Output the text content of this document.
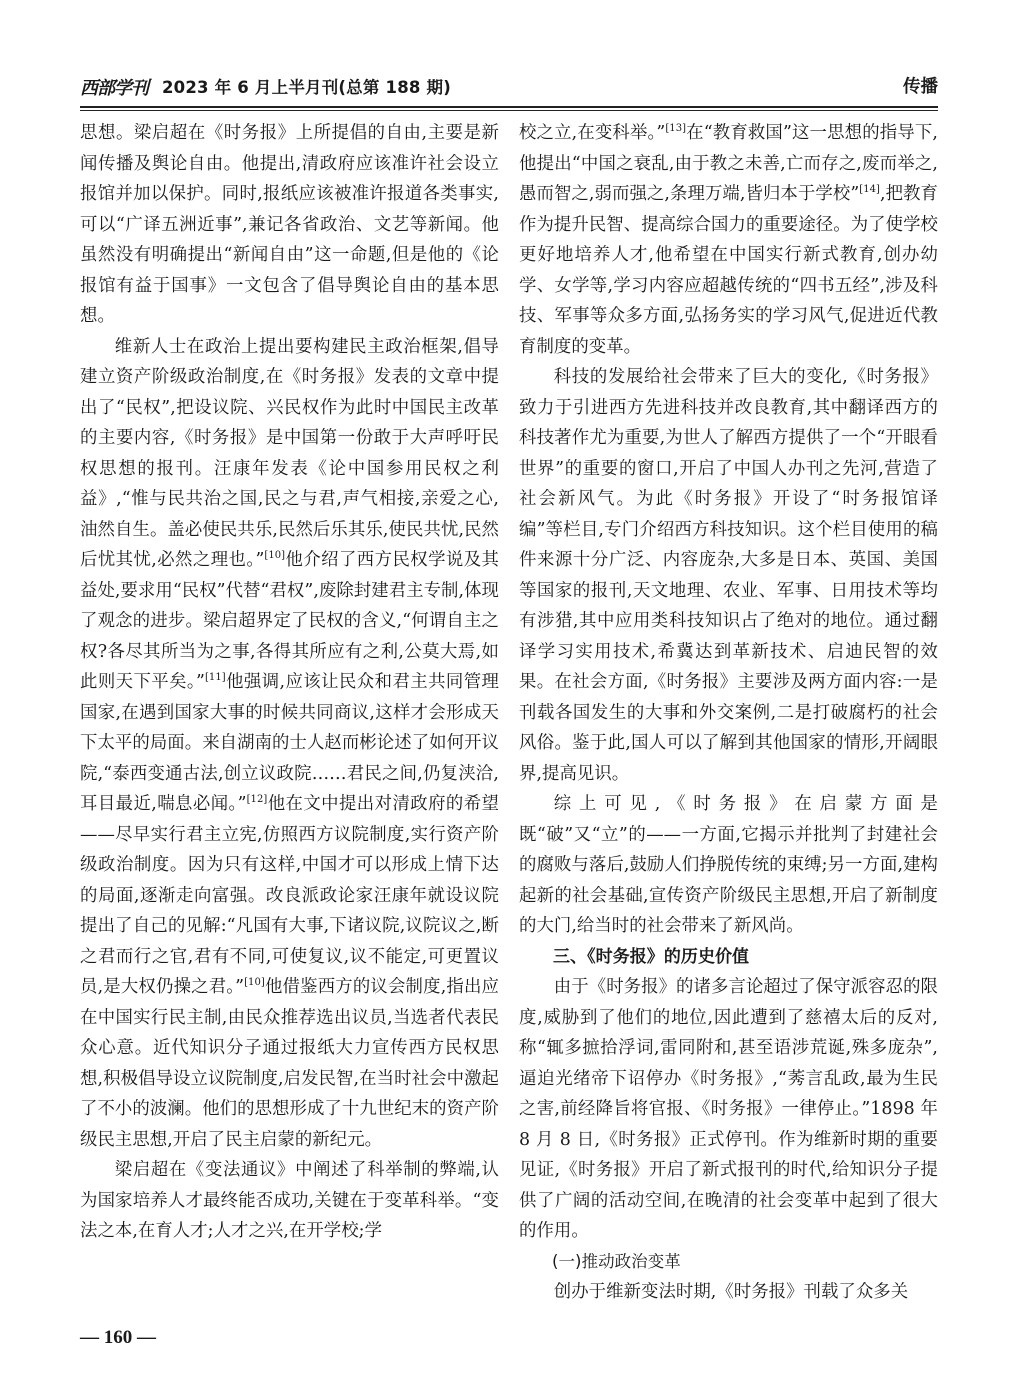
西部学刊 2023 年 6 月上半月刊(总第 188 期)	传播

思想。梁启超在《时务报》上所提倡的自由,主要是新闻传播及舆论自由。他提出,清政府应该准许社会设立报馆并加以保护。同时,报纸应该被准许报道各类事实,可以“广译五洲近事”,兼记各省政治、文艺等新闻。他虽然没有明确提出“新闻自由”这一命题,但是他的《论报馆有益于国事》一文包含了倡导舆论自由的基本思想。

维新人士在政治上提出要构建民主政治框架,倡导建立资产阶级政治制度,在《时务报》发表的文章中提出了“民权”,把设议院、兴民权作为此时中国民主改革的主要内容,《时务报》是中国第一份敢于大声呼吁民权思想的报刊。汪康年发表《论中国参用民权之利益》,“惟与民共治之国,民之与君,声气相接,亲爱之心,油然自生。盖必使民共乐,民然后乐其乐,使民共忧,民然后忧其忧,必然之理也。”[10]他介绍了西方民权学说及其益处,要求用“民权”代替“君权”,废除封建君主专制,体现了观念的进步。梁启超界定了民权的含义,“何谓自主之权?各尽其所当为之事,各得其所应有之利,公莫大焉,如此则天下平矣。”[11]他强调,应该让民众和君主共同管理国家,在遇到国家大事的时候共同商议,这样才会形成天下太平的局面。来自湖南的士人赵而彬论述了如何开议院,“泰西变通古法,创立议政院……君民之间,仍复浃洽,耳目最近,喘息必闻。”[12]他在文中提出对清政府的希望——尽早实行君主立宪,仿照西方议院制度,实行资产阶级政治制度。因为只有这样,中国才可以形成上情下达的局面,逐渐走向富强。改良派政论家汪康年就设议院提出了自己的见解:“凡国有大事,下诸议院,议院议之,断之君而行之官,君有不同,可使复议,议不能定,可更置议员,是大权仍操之君。”[10]他借鉴西方的议会制度,指出应在中国实行民主制,由民众推荐选出议员,当选者代表民众心意。近代知识分子通过报纸大力宣传西方民权思想,积极倡导设立议院制度,启发民智,在当时社会中激起了不小的波澜。他们的思想形成了十九世纪末的资产阶级民主思想,开启了民主启蒙的新纪元。

梁启超在《变法通议》中阐述了科举制的弊端,认为国家培养人才最终能否成功,关键在于变革科举。“变法之本,在育人才;人才之兴,在开学校;学

校之立,在变科举。”[13]在“教育救国”这一思想的指导下,他提出“中国之衰乱,由于教之未善,亡而存之,废而举之,愚而智之,弱而强之,条理万端,皆归本于学校”[14],把教育作为提升民智、提高综合国力的重要途径。为了使学校更好地培养人才,他希望在中国实行新式教育,创办幼学、女学等,学习内容应超越传统的“四书五经”,涉及科技、军事等众多方面,弘扬务实的学习风气,促进近代教育制度的变革。

科技的发展给社会带来了巨大的变化,《时务报》致力于引进西方先进科技并改良教育,其中翻译西方的科技著作尤为重要,为世人了解西方提供了一个“开眼看世界”的重要的窗口,开启了中国人办刊之先河,营造了社会新风气。为此《时务报》开设了“时务报馆译编”等栏目,专门介绍西方科技知识。这个栏目使用的稿件来源十分广泛、内容庞杂,大多是日本、英国、美国等国家的报刊,天文地理、农业、军事、日用技术等均有涉猎,其中应用类科技知识占了绝对的地位。通过翻译学习实用技术,希冀达到革新技术、启迪民智的效果。在社会方面,《时务报》主要涉及两方面内容:一是刊载各国发生的大事和外交案例,二是打破腐朽的社会风俗。鉴于此,国人可以了解到其他国家的情形,开阔眼界,提高见识。

综上可见,《时务报》在启蒙方面是既“破”又“立”的——一方面,它揭示并批判了封建社会的腐败与落后,鼓励人们挣脱传统的束缚;另一方面,建构起新的社会基础,宣传资产阶级民主思想,开启了新制度的大门,给当时的社会带来了新风尚。

三、《时务报》的历史价值

由于《时务报》的诸多言论超过了保守派容忍的限度,威胁到了他们的地位,因此遭到了慈禧太后的反对,称“辄多摭拾浮词,雷同附和,甚至语涉荒诞,殊多庞杂”,逼迫光绪帝下诏停办《时务报》,“莠言乱政,最为生民之害,前经降旨将官报、《时务报》一律停止。”1898 年 8 月 8 日,《时务报》正式停刊。作为维新时期的重要见证,《时务报》开启了新式报刊的时代,给知识分子提供了广阔的活动空间,在晚清的社会变革中起到了很大的作用。

(一)推动政治变革

创办于维新变法时期,《时务报》刊载了众多关

— 160 —
